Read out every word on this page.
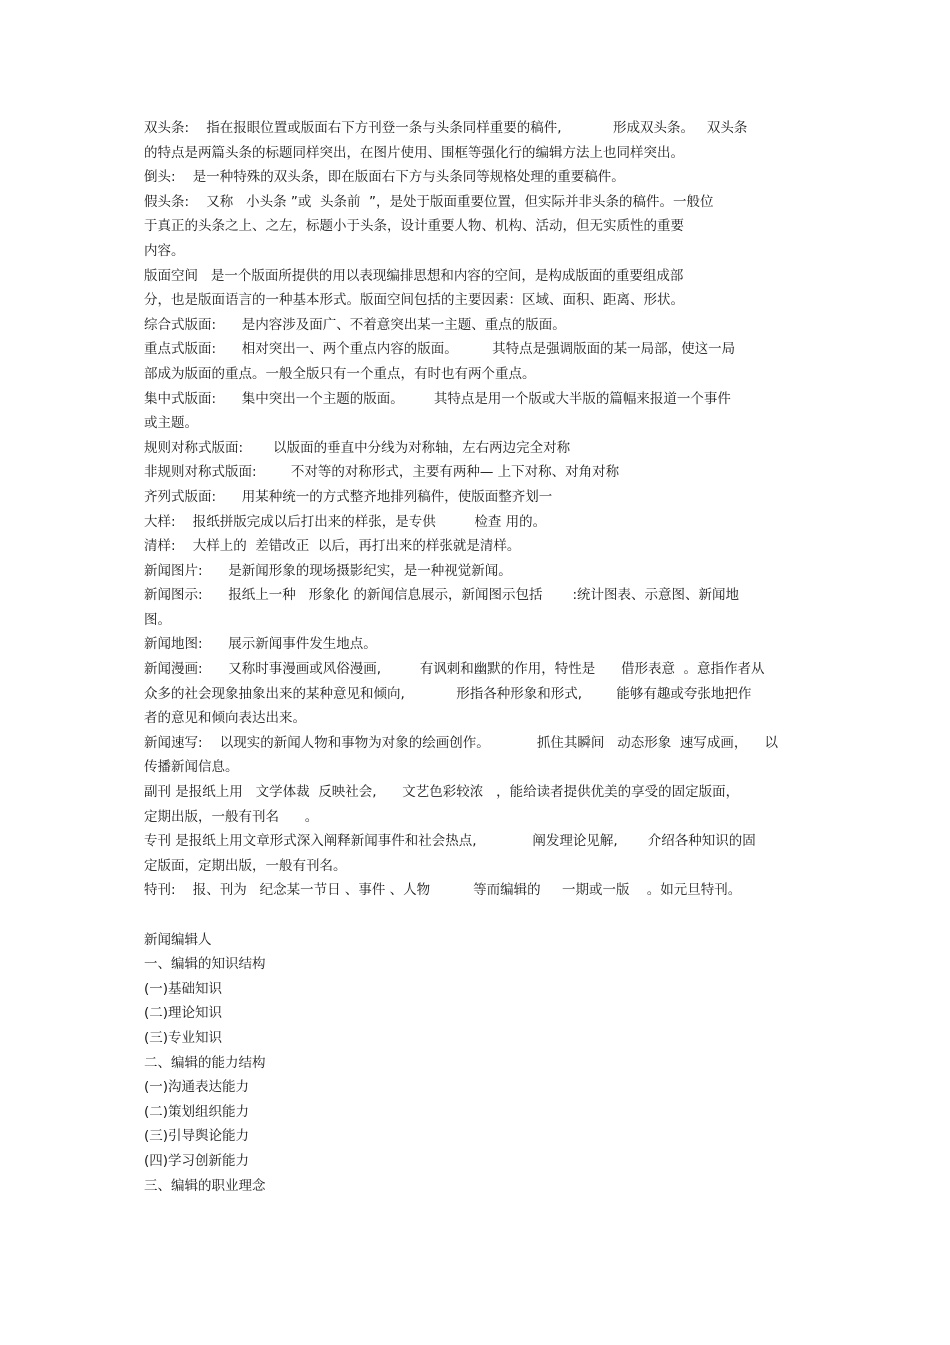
双头条:    指在报眼位置或版面右下方刊登一条与头条同样重要的稿件,            形成双头条。   双头条
的特点是两篇头条的标题同样突出，在图片使用、围框等强化行的编辑方法上也同样突出。
倒头:    是一种特殊的双头条，即在版面右下方与头条同等规格处理的重要稿件。
假头条:    又称   小头条 ”或  头条前  ”，是处于版面重要位置，但实际并非头条的稿件。一般位
于真正的头条之上、之左，标题小于头条，设计重要人物、机构、活动，但无实质性的重要
内容。
版面空间   是一个版面所提供的用以表现编排思想和内容的空间，是构成版面的重要组成部
分，也是版面语言的一种基本形式。版面空间包括的主要因素：区域、面积、距离、形状。
综合式版面:      是内容涉及面广、不着意突出某一主题、重点的版面。
重点式版面:      相对突出一、两个重点内容的版面。        其特点是强调版面的某一局部，使这一局
部成为版面的重点。一般全版只有一个重点，有时也有两个重点。
集中式版面:      集中突出一个主题的版面。       其特点是用一个版或大半版的篇幅来报道一个事件
或主题。
规则对称式版面:       以版面的垂直中分线为对称轴，左右两边完全对称
非规则对称式版面:        不对等的对称形式，主要有两种— 上下对称、对角对称
齐列式版面:      用某种统一的方式整齐地排列稿件，使版面整齐划一
大样:    报纸拼版完成以后打出来的样张，是专供         检查 用的。
清样:    大样上的  差错改正  以后，再打出来的样张就是清样。
新闻图片:      是新闻形象的现场摄影纪实，是一种视觉新闻。
新闻图示:      报纸上一种   形象化 的新闻信息展示，新闻图示包括       :统计图表、示意图、新闻地
图。
新闻地图:      展示新闻事件发生地点。
新闻漫画:      又称时事漫画或风俗漫画,         有讽刺和幽默的作用，特性是      借形表意  。意指作者从
众多的社会现象抽象出来的某种意见和倾向,            形指各种形象和形式,        能够有趣或夸张地把作
者的意见和倾向表达出来。
新闻速写:    以现实的新闻人物和事物为对象的绘画创作。           抓住其瞬间   动态形象  速写成画，    以
传播新闻信息。
副刊 是报纸上用   文学体裁  反映社会,      文艺色彩较浓   ，能给读者提供优美的享受的固定版面，
定期出版，一般有刊名      。
专刊 是报纸上用文章形式深入阐释新闻事件和社会热点,             阐发理论见解,       介绍各种知识的固
定版面，定期出版，一般有刊名。
特刊:    报、刊为   纪念某一节日 、事件 、人物          等而编辑的     一期或一版    。如元旦特刊。
新闻编辑人
一、编辑的知识结构
(一)基础知识
(二)理论知识
(三)专业知识
二、编辑的能力结构
(一)沟通表达能力
(二)策划组织能力
(三)引导舆论能力
(四)学习创新能力
三、编辑的职业理念
